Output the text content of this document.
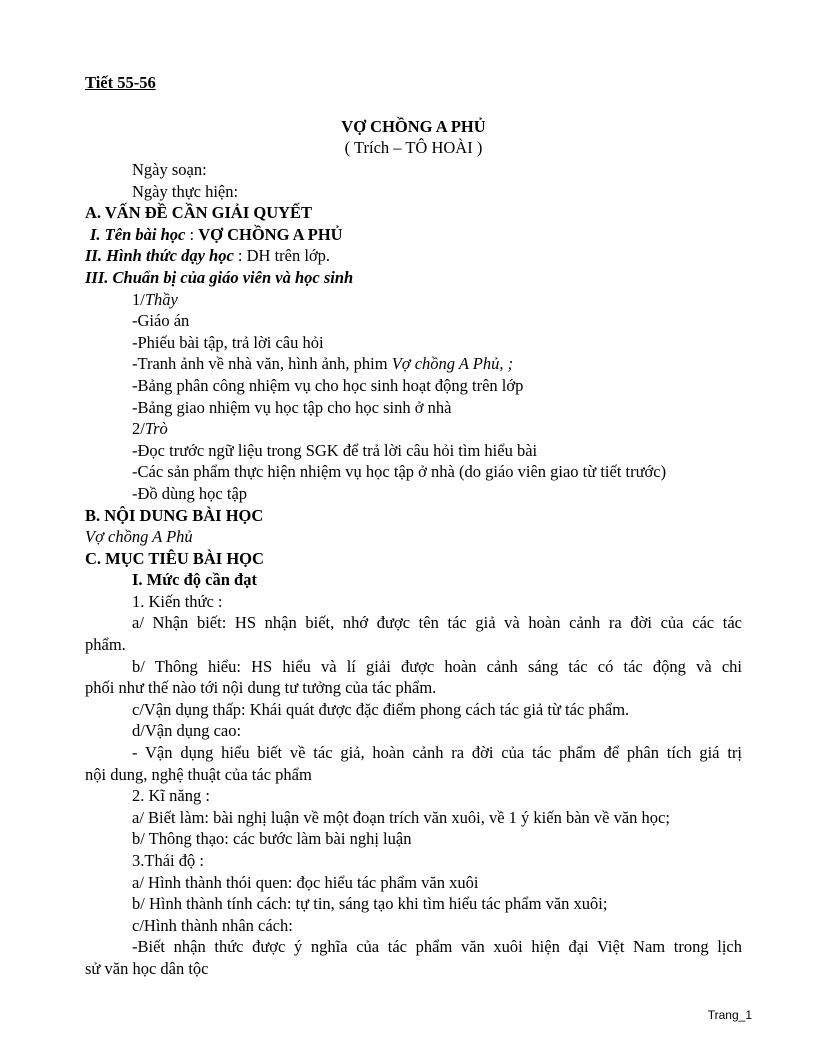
Tiết 55-56
VỢ CHỒNG A PHỦ
( Trích – TÔ HOÀI )
Ngày soạn:
Ngày thực hiện:
A. VẤN ĐỀ CẦN GIẢI QUYẾT
I. Tên bài học : VỢ CHỒNG A PHỦ
II. Hình thức dạy học : DH trên lớp.
III. Chuẩn bị của giáo viên và học sinh
1/Thầy
-Giáo án
-Phiếu bài tập, trả lời câu hỏi
-Tranh ảnh về nhà văn, hình ảnh, phim Vợ chồng A Phủ, ;
-Bảng phân công nhiệm vụ cho học sinh hoạt động trên lớp
-Bảng giao nhiệm vụ học tập cho học sinh ở nhà
2/Trò
-Đọc trước ngữ liệu trong SGK để trả lời câu hỏi tìm hiểu bài
-Các sản phẩm thực hiện nhiệm vụ học tập ở nhà (do giáo viên giao từ tiết trước)
-Đồ dùng học tập
B. NỘI DUNG BÀI HỌC
Vợ chồng A Phủ
C. MỤC TIÊU BÀI HỌC
I. Mức độ cần đạt
1. Kiến thức :
a/ Nhận biết: HS nhận biết, nhớ được tên tác giả và hoàn cảnh ra đời của các tác
phẩm.
b/ Thông hiểu: HS hiểu và lí giải được hoàn cảnh sáng tác có tác động và chi
phối như thế nào tới nội dung tư tưởng của tác phẩm.
c/Vận dụng thấp: Khái quát được đặc điểm phong cách tác giả từ tác phẩm.
d/Vận dụng cao:
- Vận dụng hiểu biết về tác giả, hoàn cảnh ra đời của tác phẩm để phân tích giá trị
nội dung, nghệ thuật của tác phẩm
2. Kĩ năng :
a/ Biết làm: bài nghị luận về một đoạn trích văn xuôi, về 1 ý kiến bàn về văn học;
b/ Thông thạo: các bước làm bài nghị luận
3.Thái độ :
a/ Hình thành thói quen: đọc hiểu tác phẩm văn xuôi
b/ Hình thành tính cách: tự tin, sáng tạo khi tìm hiểu tác phẩm văn xuôi;
c/Hình thành nhân cách:
-Biết nhận thức được ý nghĩa của tác phẩm văn xuôi hiện đại Việt Nam trong lịch
sử văn học dân tộc
Trang_1
